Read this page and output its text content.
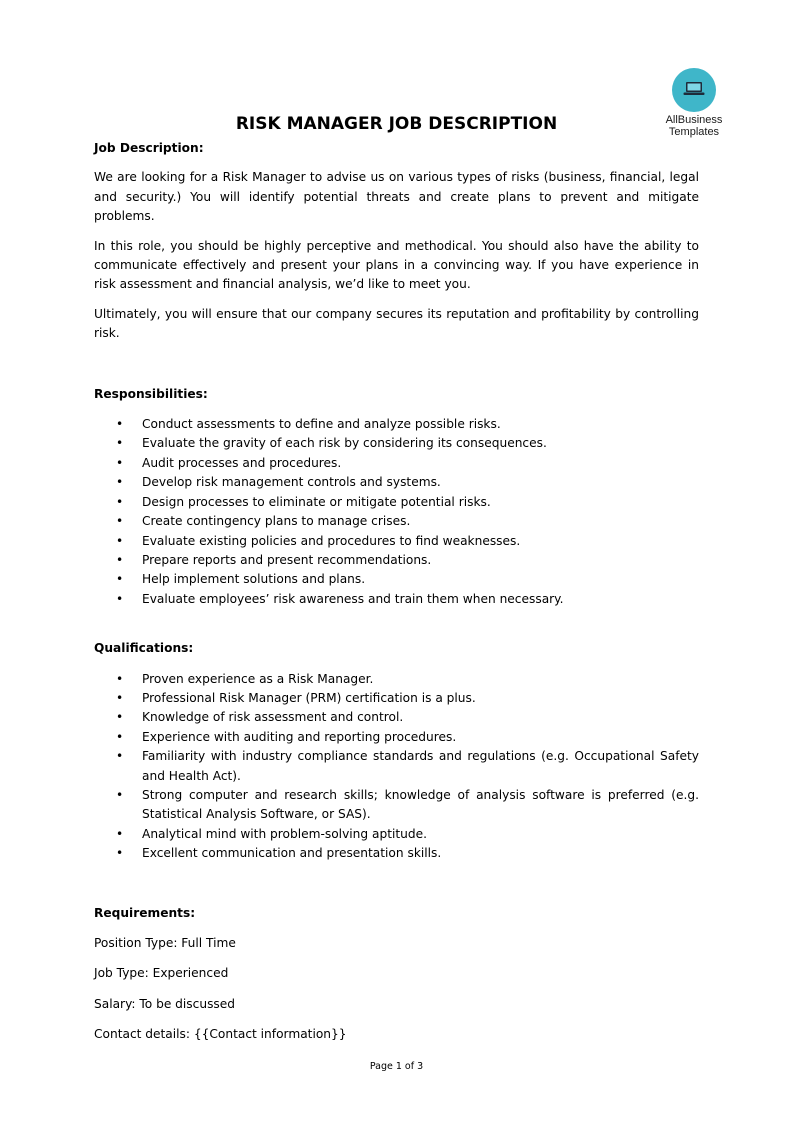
AllBusiness
Templates
RISK MANAGER JOB DESCRIPTION

Job Description:

We are looking for a Risk Manager to advise us on various types of risks (business, financial, legal and security.) You will identify potential threats and create plans to prevent and mitigate problems.

In this role, you should be highly perceptive and methodical. You should also have the ability to communicate effectively and present your plans in a convincing way. If you have experience in risk assessment and financial analysis, we’d like to meet you.

Ultimately, you will ensure that our company secures its reputation and profitability by controlling risk.

Responsibilities:

• Conduct assessments to define and analyze possible risks.
• Evaluate the gravity of each risk by considering its consequences.
• Audit processes and procedures.
• Develop risk management controls and systems.
• Design processes to eliminate or mitigate potential risks.
• Create contingency plans to manage crises.
• Evaluate existing policies and procedures to find weaknesses.
• Prepare reports and present recommendations.
• Help implement solutions and plans.
• Evaluate employees’ risk awareness and train them when necessary.

Qualifications:

• Proven experience as a Risk Manager.
• Professional Risk Manager (PRM) certification is a plus.
• Knowledge of risk assessment and control.
• Experience with auditing and reporting procedures.
• Familiarity with industry compliance standards and regulations (e.g. Occupational Safety and Health Act).
• Strong computer and research skills; knowledge of analysis software is preferred (e.g. Statistical Analysis Software, or SAS).
• Analytical mind with problem-solving aptitude.
• Excellent communication and presentation skills.

Requirements:

Position Type: Full Time

Job Type: Experienced

Salary: To be discussed

Contact details: {{Contact information}}

Page 1 of 3
